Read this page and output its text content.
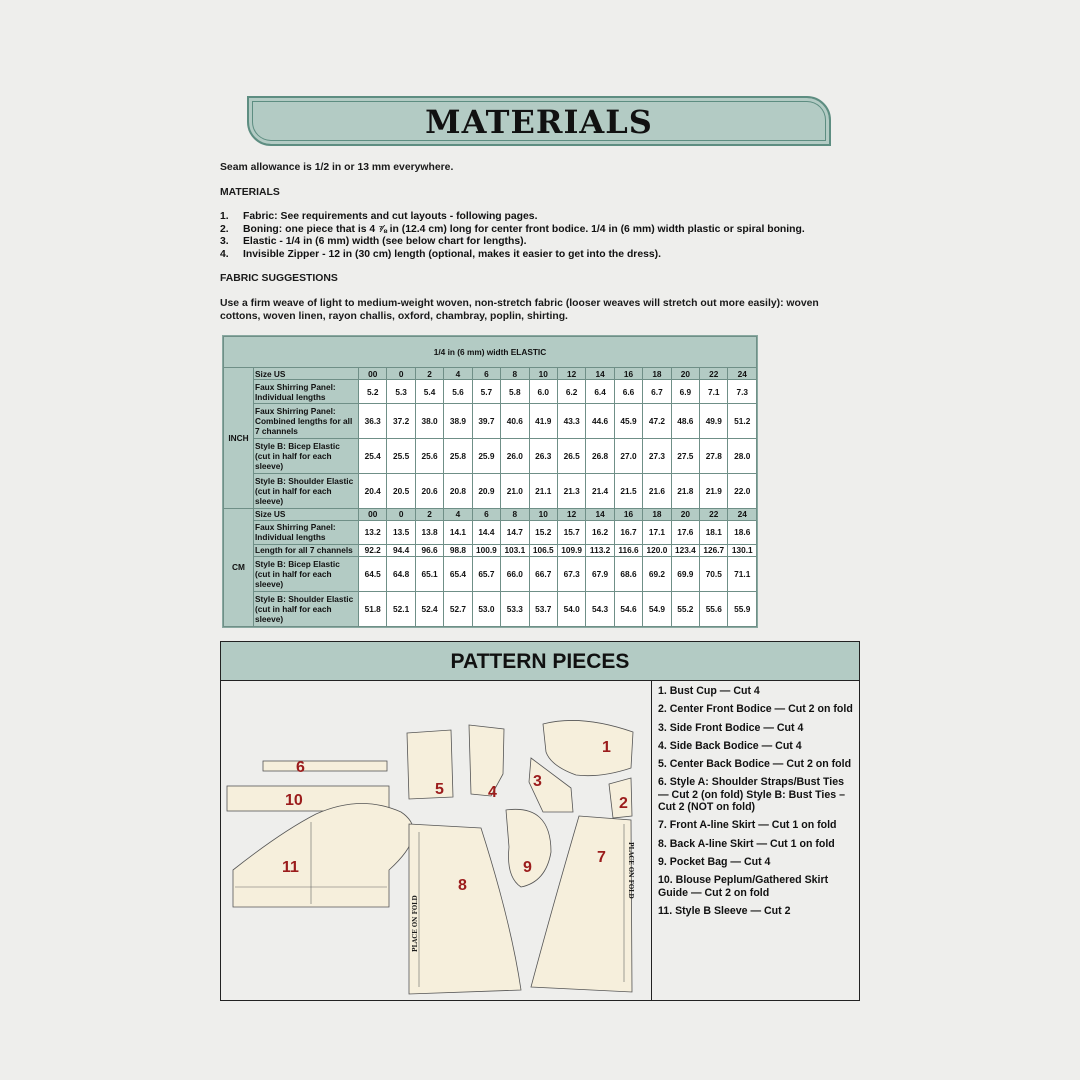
MATERIALS
Seam allowance is 1/2 in or 13 mm everywhere.
MATERIALS
1.	Fabric: See requirements and cut layouts - following pages.
2.	Boning: one piece that is 4 ⅞ in (12.4 cm) long for center front bodice. 1/4 in (6 mm) width plastic or spiral boning.
3.	Elastic - 1/4 in (6 mm) width (see below chart for lengths).
4.	Invisible Zipper - 12 in (30 cm) length (optional, makes it easier to get into the dress).
FABRIC SUGGESTIONS
Use a firm weave of light to medium-weight woven, non-stretch fabric (looser weaves will stretch out more easily): woven cottons, woven linen, rayon challis, oxford, chambray, poplin, shirting.
1/4 in (6 mm) width ELASTIC															
INCH	Size US	00	0	2	4	6	8	10	12	14	16	18	20	22	24
	Faux Shirring Panel: Individual lengths	5.2	5.3	5.4	5.6	5.7	5.8	6.0	6.2	6.4	6.6	6.7	6.9	7.1	7.3
	Faux Shirring Panel: Combined lengths for all 7 channels	36.3	37.2	38.0	38.9	39.7	40.6	41.9	43.3	44.6	45.9	47.2	48.6	49.9	51.2
	Style B: Bicep Elastic (cut in half for each sleeve)	25.4	25.5	25.6	25.8	25.9	26.0	26.3	26.5	26.8	27.0	27.3	27.5	27.8	28.0
	Style B: Shoulder Elastic (cut in half for each sleeve)	20.4	20.5	20.6	20.8	20.9	21.0	21.1	21.3	21.4	21.5	21.6	21.8	21.9	22.0
CM	Size US	00	0	2	4	6	8	10	12	14	16	18	20	22	24
	Faux Shirring Panel: Individual lengths	13.2	13.5	13.8	14.1	14.4	14.7	15.2	15.7	16.2	16.7	17.1	17.6	18.1	18.6
	Length for all 7 channels	92.2	94.4	96.6	98.8	100.9	103.1	106.5	109.9	113.2	116.6	120.0	123.4	126.7	130.1
	Style B: Bicep Elastic (cut in half for each sleeve)	64.5	64.8	65.1	65.4	65.7	66.0	66.7	67.3	67.9	68.6	69.2	69.9	70.5	71.1
	Style B: Shoulder Elastic (cut in half for each sleeve)	51.8	52.1	52.4	52.7	53.0	53.3	53.7	54.0	54.3	54.6	54.9	55.2	55.6	55.9
PATTERN PIECES
PLACE ON FOLD
PLACE ON FOLD
1
2
3
4
5
6
7
8
9
10
11
1. Bust Cup — Cut 4
2. Center Front Bodice — Cut 2 on fold
3. Side Front Bodice — Cut 4
4. Side Back Bodice — Cut 4
5. Center Back Bodice — Cut 2 on fold
6. Style A: Shoulder Straps/Bust Ties — Cut 2 (on fold) Style B: Bust Ties – Cut 2 (NOT on fold)
7. Front A-line Skirt — Cut 1 on fold
8. Back A-line Skirt — Cut 1 on fold
9. Pocket Bag — Cut 4
10. Blouse Peplum/Gathered Skirt Guide — Cut 2 on fold
11. Style B Sleeve — Cut 2
